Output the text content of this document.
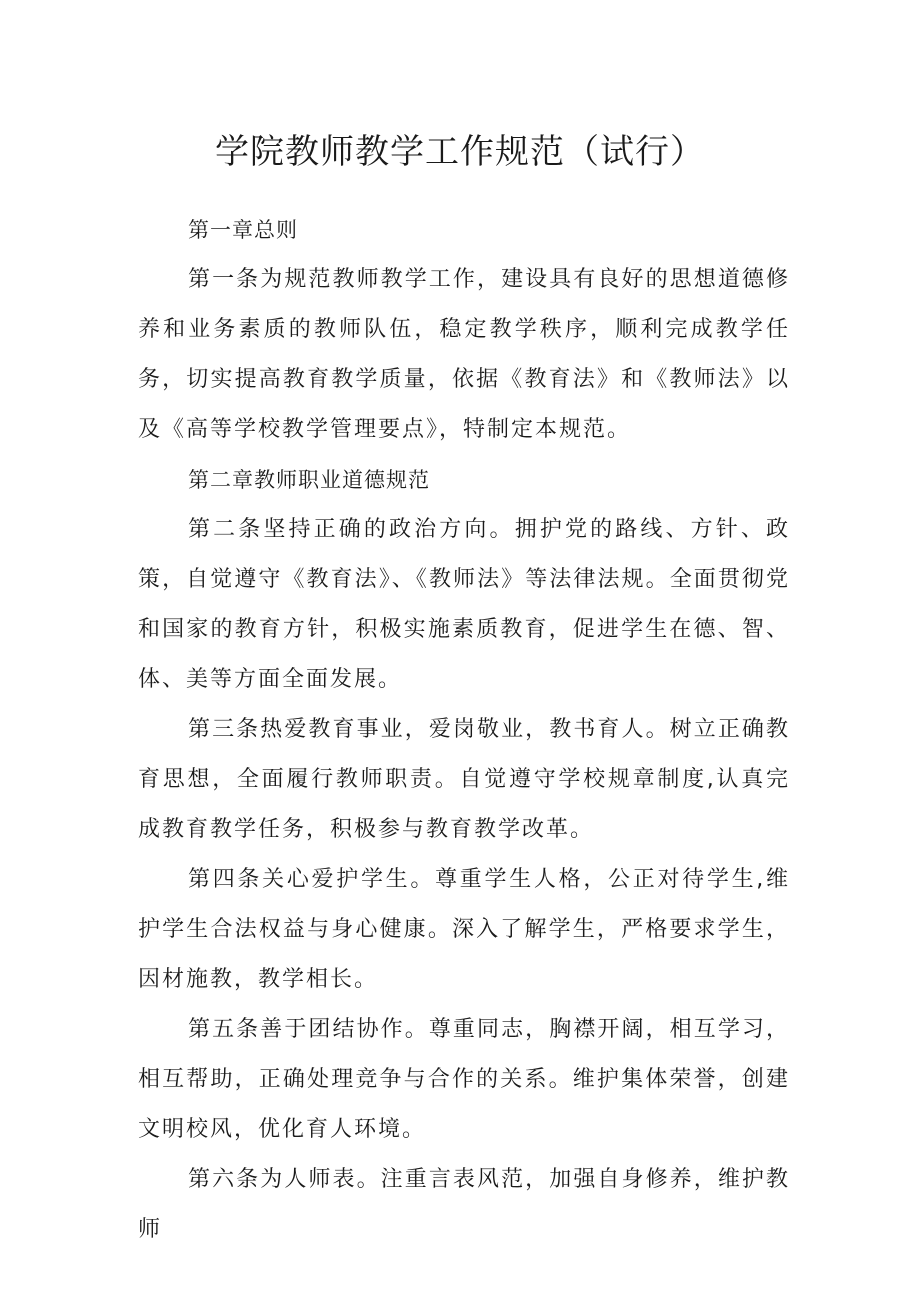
学院教师教学工作规范（试行）

第一章总则

第一条为规范教师教学工作，建设具有良好的思想道德修养和业务素质的教师队伍，稳定教学秩序，顺利完成教学任务，切实提高教育教学质量，依据《教育法》和《教师法》以及《高等学校教学管理要点》，特制定本规范。

第二章教师职业道德规范

第二条坚持正确的政治方向。拥护党的路线、方针、政策，自觉遵守《教育法》、《教师法》等法律法规。全面贯彻党和国家的教育方针，积极实施素质教育，促进学生在德、智、体、美等方面全面发展。

第三条热爱教育事业，爱岗敬业，教书育人。树立正确教育思想，全面履行教师职责。自觉遵守学校规章制度,认真完成教育教学任务，积极参与教育教学改革。

第四条关心爱护学生。尊重学生人格，公正对待学生,维护学生合法权益与身心健康。深入了解学生，严格要求学生，因材施教，教学相长。

第五条善于团结协作。尊重同志，胸襟开阔，相互学习，相互帮助，正确处理竞争与合作的关系。维护集体荣誉，创建文明校风，优化育人环境。

第六条为人师表。注重言表风范，加强自身修养，维护教师
